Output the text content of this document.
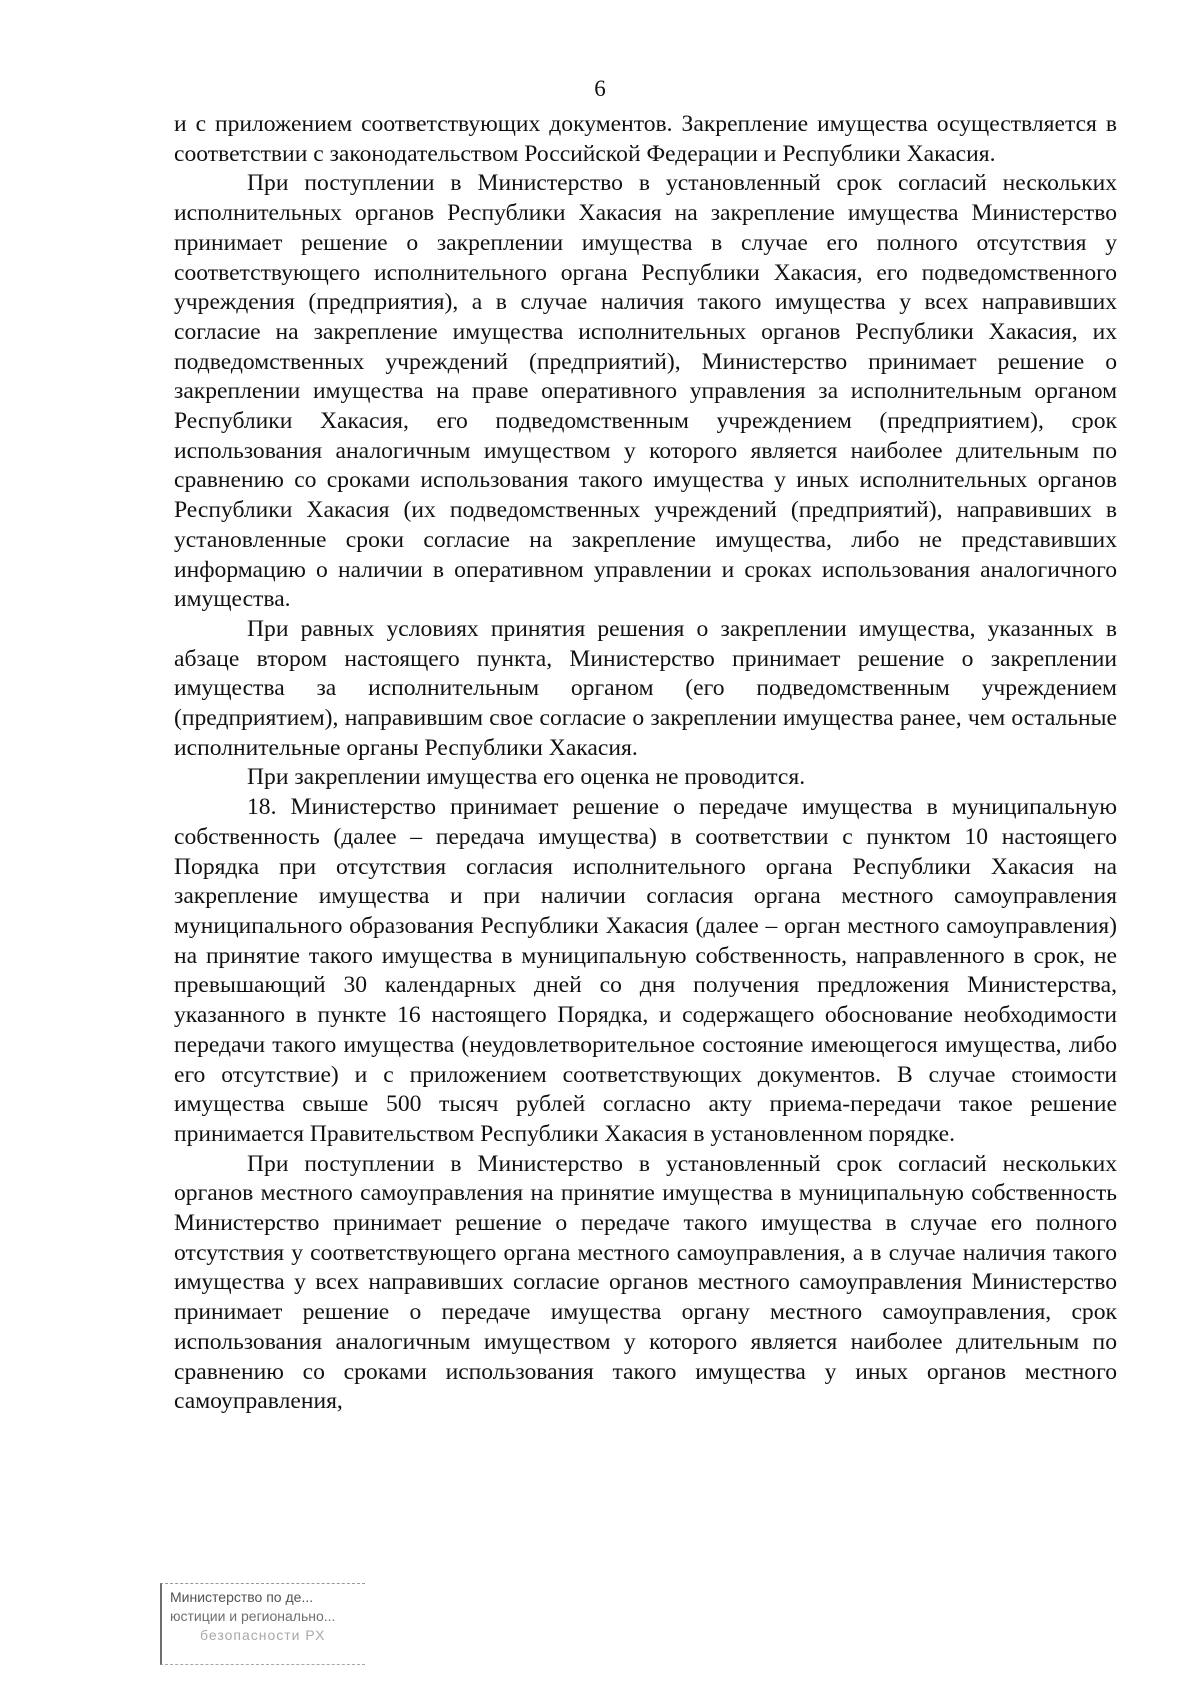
6

и с приложением соответствующих документов. Закрепление имущества осуществляется в соответствии с законодательством Российской Федерации и Республики Хакасия.

При поступлении в Министерство в установленный срок согласий нескольких исполнительных органов Республики Хакасия на закрепление имущества Министерство принимает решение о закреплении имущества в случае его полного отсутствия у соответствующего исполнительного органа Республики Хакасия, его подведомственного учреждения (предприятия), а в случае наличия такого имущества у всех направивших согласие на закрепление имущества исполнительных органов Республики Хакасия, их подведомственных учреждений (предприятий), Министерство принимает решение о закреплении имущества на праве оперативного управления за исполнительным органом Республики Хакасия, его подведомственным учреждением (предприятием), срок использования аналогичным имуществом у которого является наиболее длительным по сравнению со сроками использования такого имущества у иных исполнительных органов Республики Хакасия (их подведомственных учреждений (предприятий), направивших в установленные сроки согласие на закрепление имущества, либо не представивших информацию о наличии в оперативном управлении и сроках использования аналогичного имущества.

При равных условиях принятия решения о закреплении имущества, указанных в абзаце втором настоящего пункта, Министерство принимает решение о закреплении имущества за исполнительным органом (его подведомственным учреждением (предприятием), направившим свое согласие о закреплении имущества ранее, чем остальные исполнительные органы Республики Хакасия.

При закреплении имущества его оценка не проводится.

18. Министерство принимает решение о передаче имущества в муниципальную собственность (далее – передача имущества) в соответствии с пунктом 10 настоящего Порядка при отсутствия согласия исполнительного органа Республики Хакасия на закрепление имущества и при наличии согласия органа местного самоуправления муниципального образования Республики Хакасия (далее – орган местного самоуправления) на принятие такого имущества в муниципальную собственность, направленного в срок, не превышающий 30 календарных дней со дня получения предложения Министерства, указанного в пункте 16 настоящего Порядка, и содержащего обоснование необходимости передачи такого имущества (неудовлетворительное состояние имеющегося имущества, либо его отсутствие) и с приложением соответствующих документов. В случае стоимости имущества свыше 500 тысяч рублей согласно акту приема-передачи такое решение принимается Правительством Республики Хакасия в установленном порядке.

При поступлении в Министерство в установленный срок согласий нескольких органов местного самоуправления на принятие имущества в муниципальную собственность Министерство принимает решение о передаче такого имущества в случае его полного отсутствия у соответствующего органа местного самоуправления, а в случае наличия такого имущества у всех направивших согласие органов местного самоуправления Министерство принимает решение о передаче имущества органу местного самоуправления, срок использования аналогичным имуществом у которого является наиболее длительным по сравнению со сроками использования такого имущества у иных органов местного самоуправления,

Министерство по де...
юстиции и регионально...
безопасности РХ
